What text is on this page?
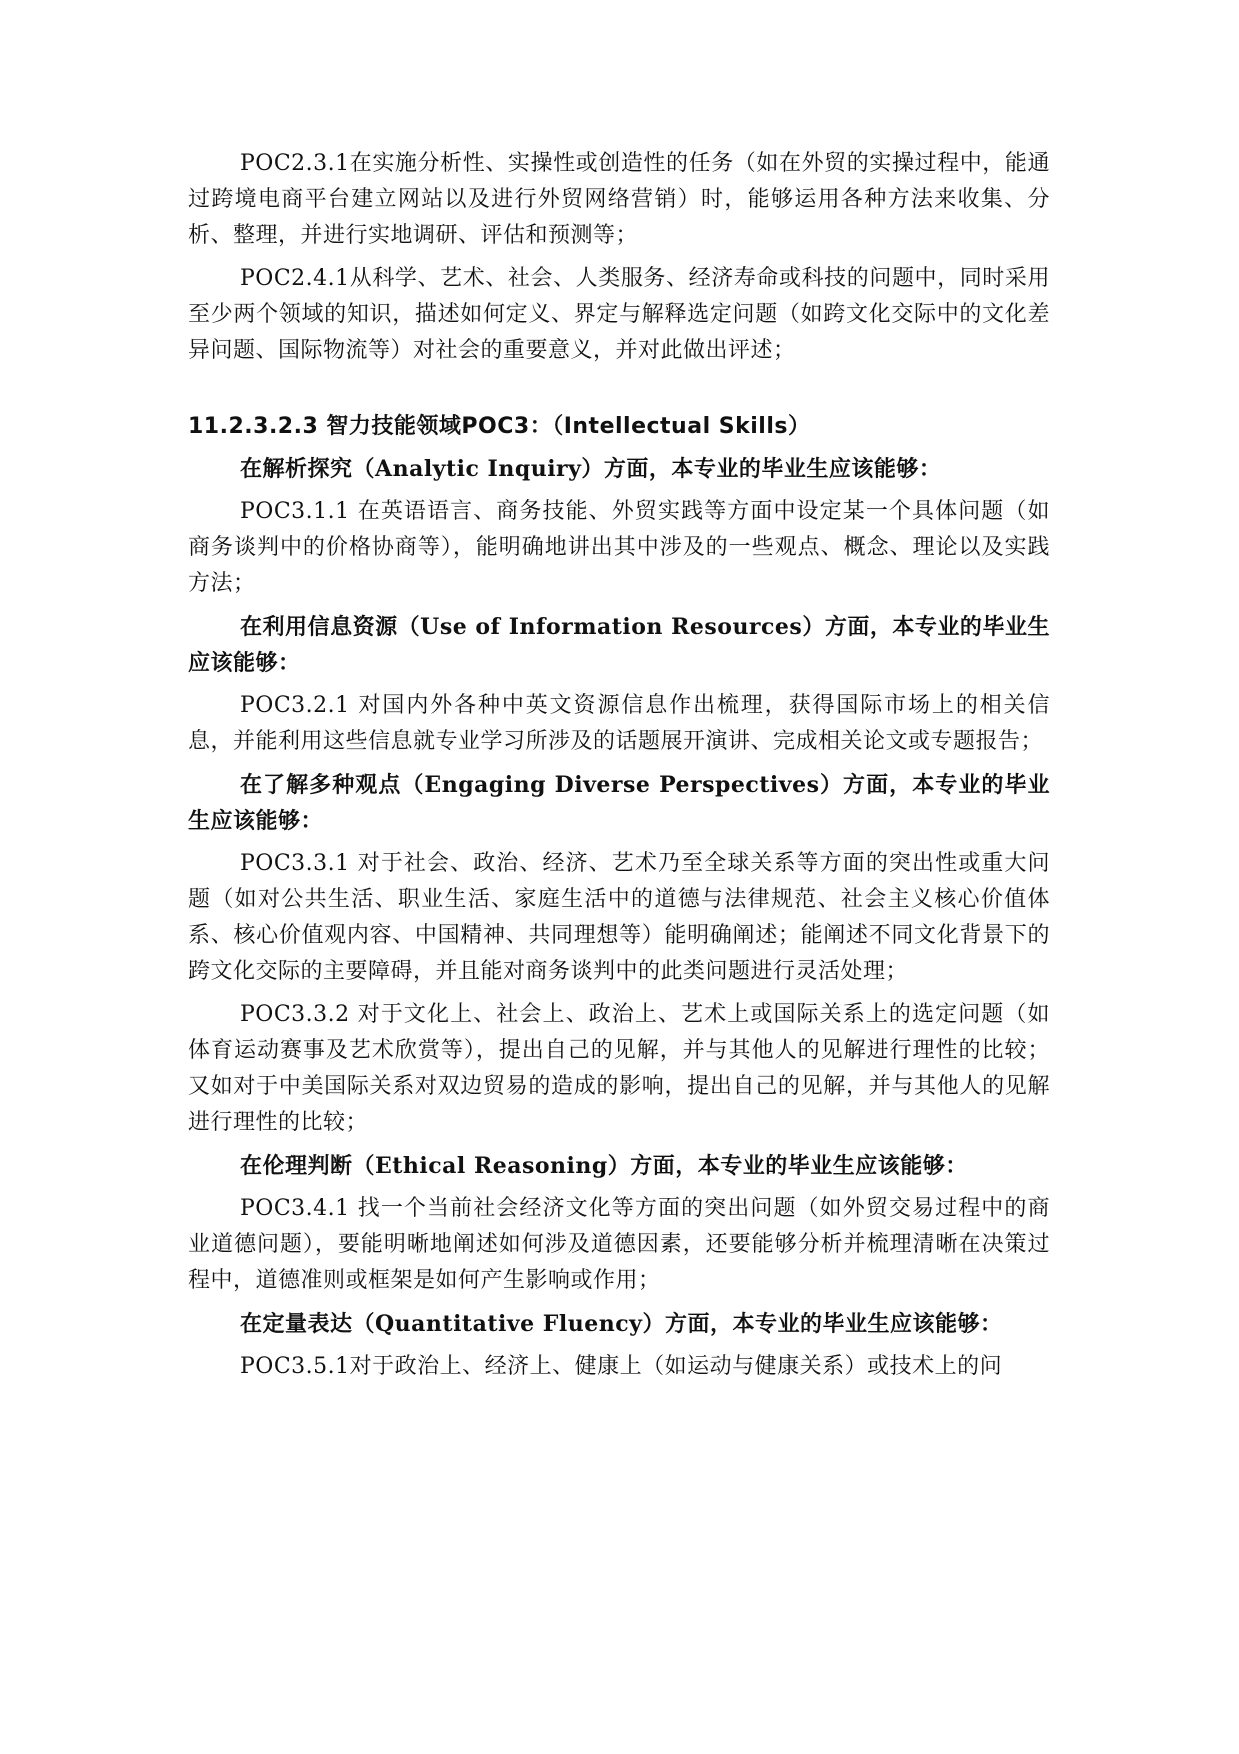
POC2.3.1在实施分析性、实操性或创造性的任务（如在外贸的实操过程中，能通过跨境电商平台建立网站以及进行外贸网络营销）时，能够运用各种方法来收集、分析、整理，并进行实地调研、评估和预测等；

POC2.4.1从科学、艺术、社会、人类服务、经济寿命或科技的问题中，同时采用至少两个领域的知识，描述如何定义、界定与解释选定问题（如跨文化交际中的文化差异问题、国际物流等）对社会的重要意义，并对此做出评述；

11.2.3.2.3 智力技能领域POC3：（Intellectual Skills）

在解析探究（Analytic Inquiry）方面，本专业的毕业生应该能够：

POC3.1.1 在英语语言、商务技能、外贸实践等方面中设定某一个具体问题（如商务谈判中的价格协商等），能明确地讲出其中涉及的一些观点、概念、理论以及实践方法；

在利用信息资源（Use of Information Resources）方面，本专业的毕业生应该能够：

POC3.2.1 对国内外各种中英文资源信息作出梳理，获得国际市场上的相关信息，并能利用这些信息就专业学习所涉及的话题展开演讲、完成相关论文或专题报告；

在了解多种观点（Engaging Diverse Perspectives）方面，本专业的毕业生应该能够：

POC3.3.1 对于社会、政治、经济、艺术乃至全球关系等方面的突出性或重大问题（如对公共生活、职业生活、家庭生活中的道德与法律规范、社会主义核心价值体系、核心价值观内容、中国精神、共同理想等）能明确阐述；能阐述不同文化背景下的跨文化交际的主要障碍，并且能对商务谈判中的此类问题进行灵活处理；

POC3.3.2 对于文化上、社会上、政治上、艺术上或国际关系上的选定问题（如体育运动赛事及艺术欣赏等），提出自己的见解，并与其他人的见解进行理性的比较；又如对于中美国际关系对双边贸易的造成的影响，提出自己的见解，并与其他人的见解进行理性的比较；

在伦理判断（Ethical Reasoning）方面，本专业的毕业生应该能够：

POC3.4.1 找一个当前社会经济文化等方面的突出问题（如外贸交易过程中的商业道德问题），要能明晰地阐述如何涉及道德因素，还要能够分析并梳理清晰在决策过程中，道德准则或框架是如何产生影响或作用；

在定量表达（Quantitative Fluency）方面，本专业的毕业生应该能够：

POC3.5.1对于政治上、经济上、健康上（如运动与健康关系）或技术上的问
